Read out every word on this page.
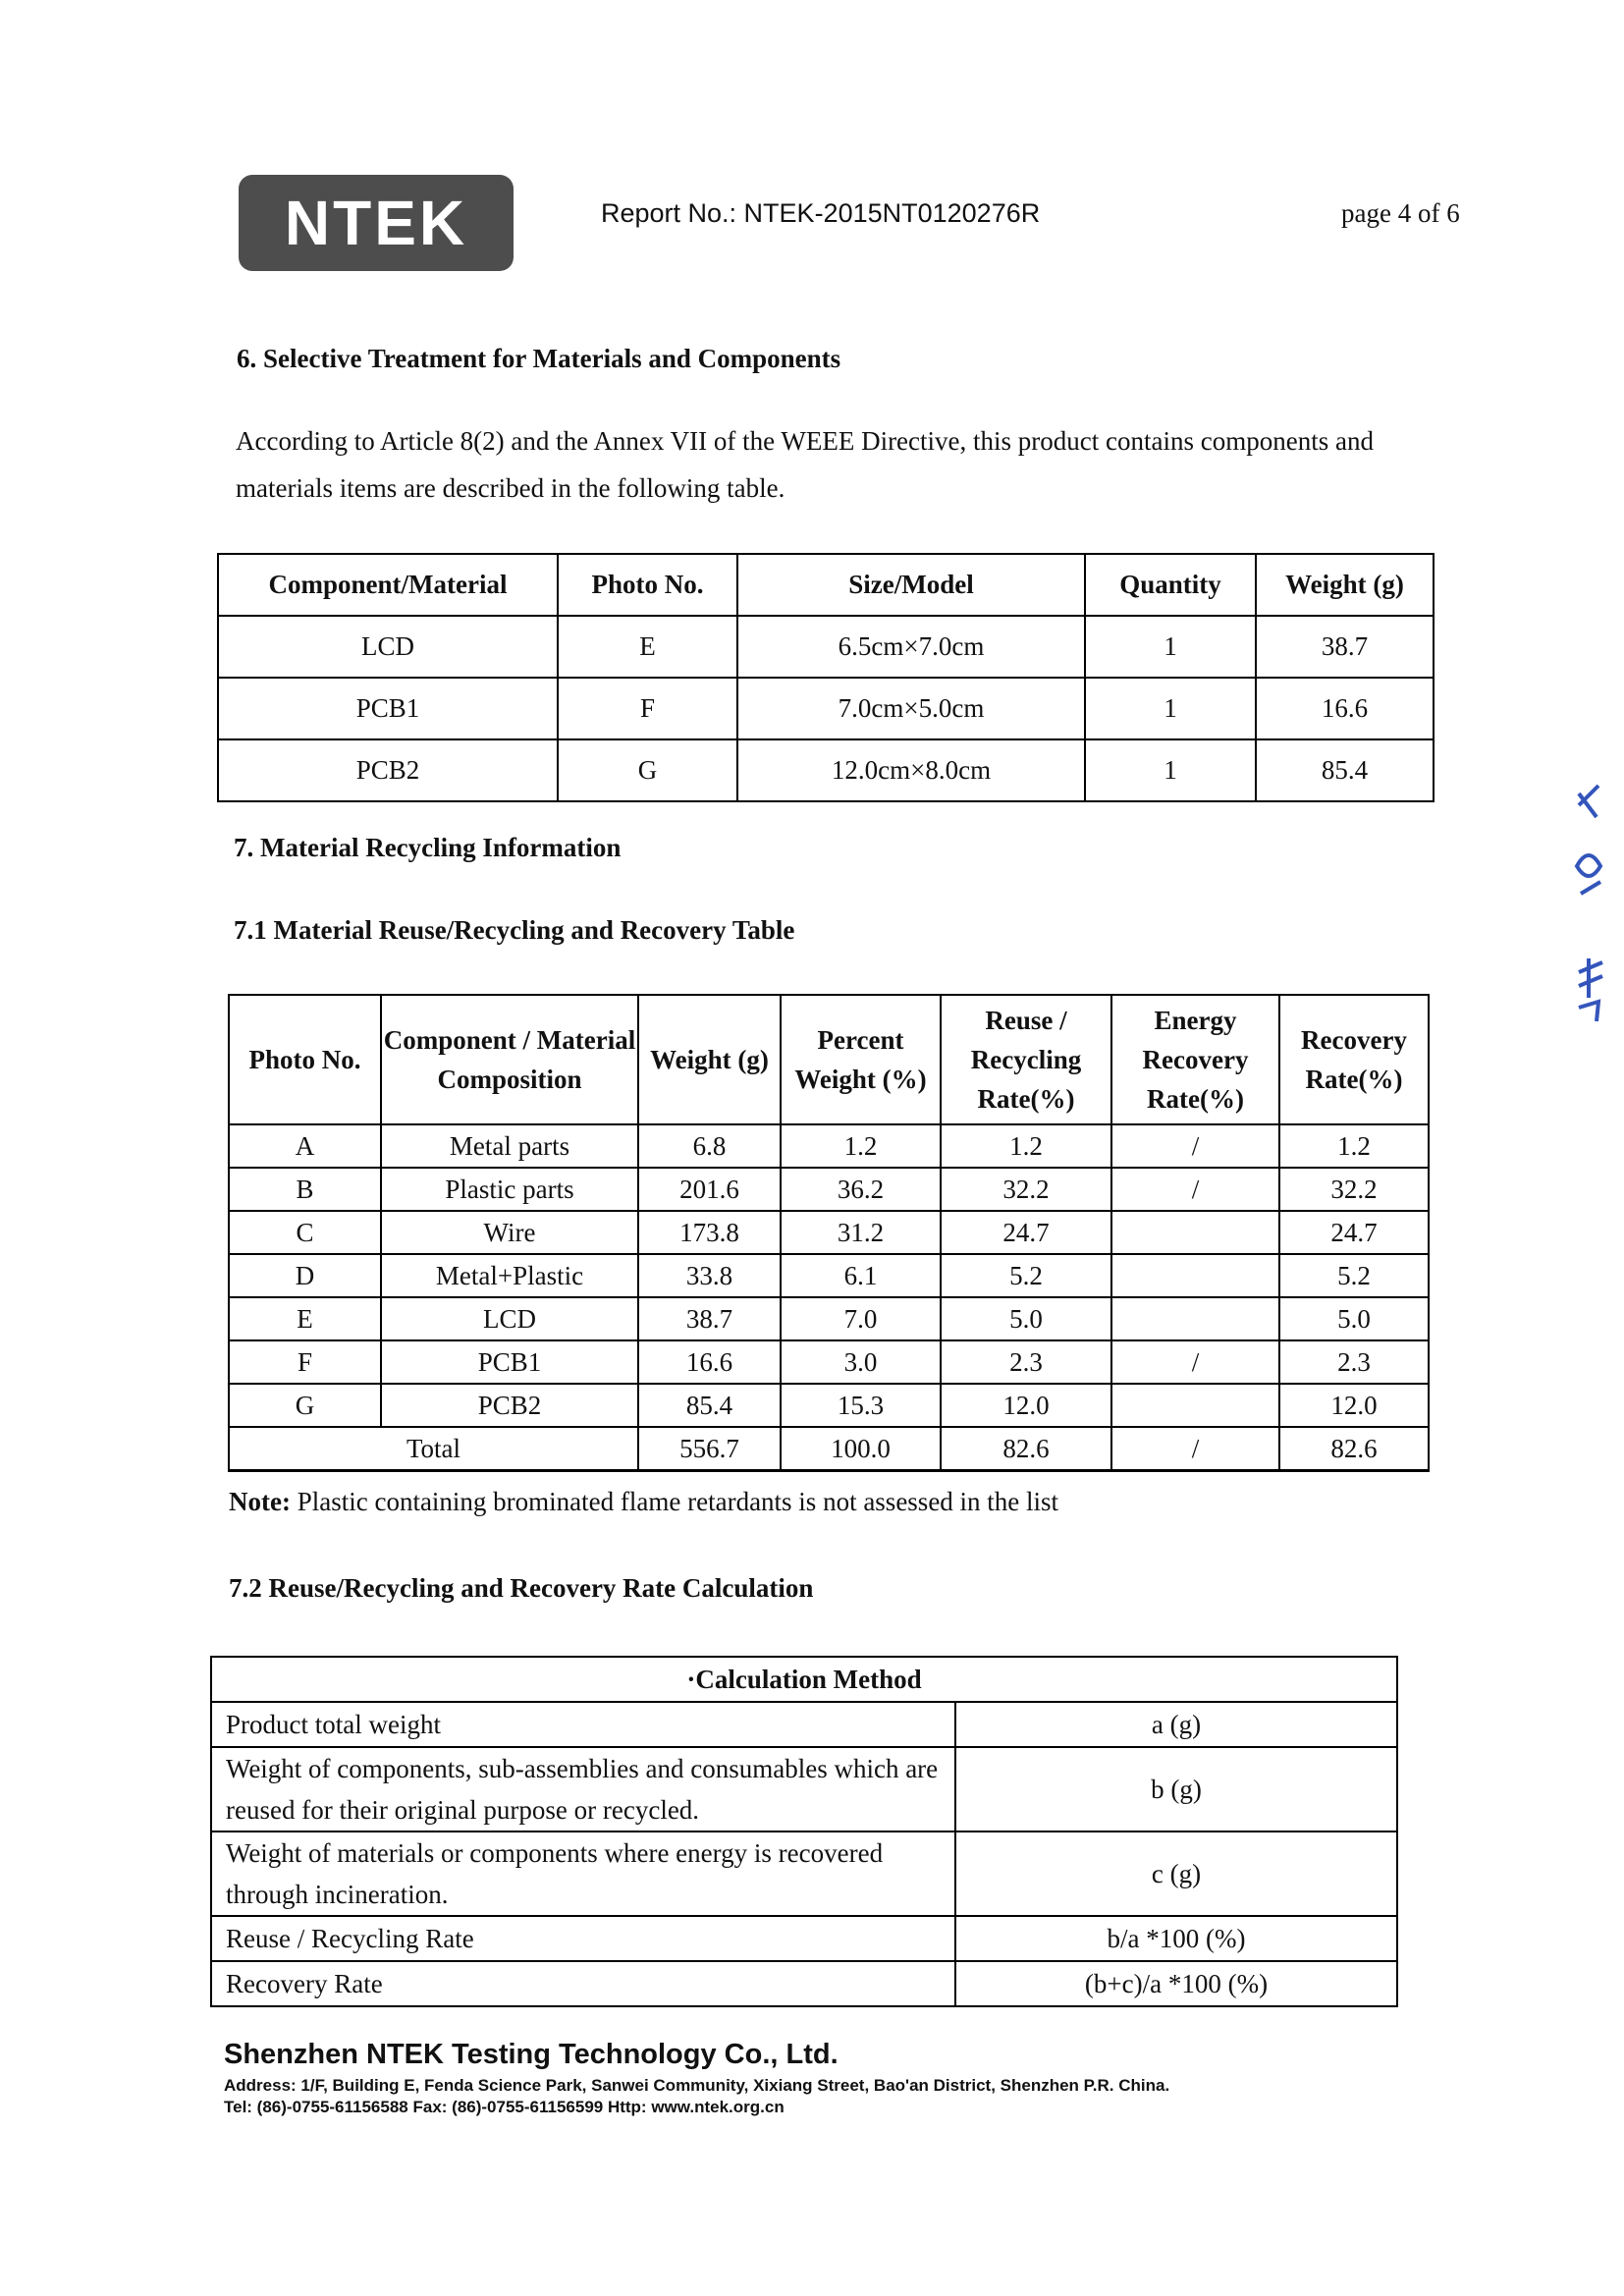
NTEK	Report No.: NTEK-2015NT0120276R	page 4 of 6
6. Selective Treatment for Materials and Components
According to Article 8(2) and the Annex VII of the WEEE Directive, this product contains components and materials items are described in the following table.
Component/Material	Photo No.	Size/Model	Quantity	Weight (g)
LCD	E	6.5cm×7.0cm	1	38.7
PCB1	F	7.0cm×5.0cm	1	16.6
PCB2	G	12.0cm×8.0cm	1	85.4
7. Material Recycling Information
7.1 Material Reuse/Recycling and Recovery Table
Photo No.	Component / Material Composition	Weight (g)	Percent Weight (%)	Reuse / Recycling Rate(%)	Energy Recovery Rate(%)	Recovery Rate(%)
A	Metal parts	6.8	1.2	1.2	/	1.2
B	Plastic parts	201.6	36.2	32.2	/	32.2
C	Wire	173.8	31.2	24.7		24.7
D	Metal+Plastic	33.8	6.1	5.2		5.2
E	LCD	38.7	7.0	5.0		5.0
F	PCB1	16.6	3.0	2.3	/	2.3
G	PCB2	85.4	15.3	12.0		12.0
Total		556.7	100.0	82.6	/	82.6
Note: Plastic containing brominated flame retardants is not assessed in the list
7.2 Reuse/Recycling and Recovery Rate Calculation
·Calculation Method	
Product total weight	a (g)
Weight of components, sub-assemblies and consumables which are reused for their original purpose or recycled.	b (g)
Weight of materials or components where energy is recovered through incineration.	c (g)
Reuse / Recycling Rate	b/a *100 (%)
Recovery Rate	(b+c)/a *100 (%)
Shenzhen NTEK Testing Technology Co., Ltd.
Address: 1/F, Building E, Fenda Science Park, Sanwei Community, Xixiang Street, Bao'an District, Shenzhen P.R. China.
Tel: (86)-0755-61156588 Fax: (86)-0755-61156599 Http: www.ntek.org.cn
